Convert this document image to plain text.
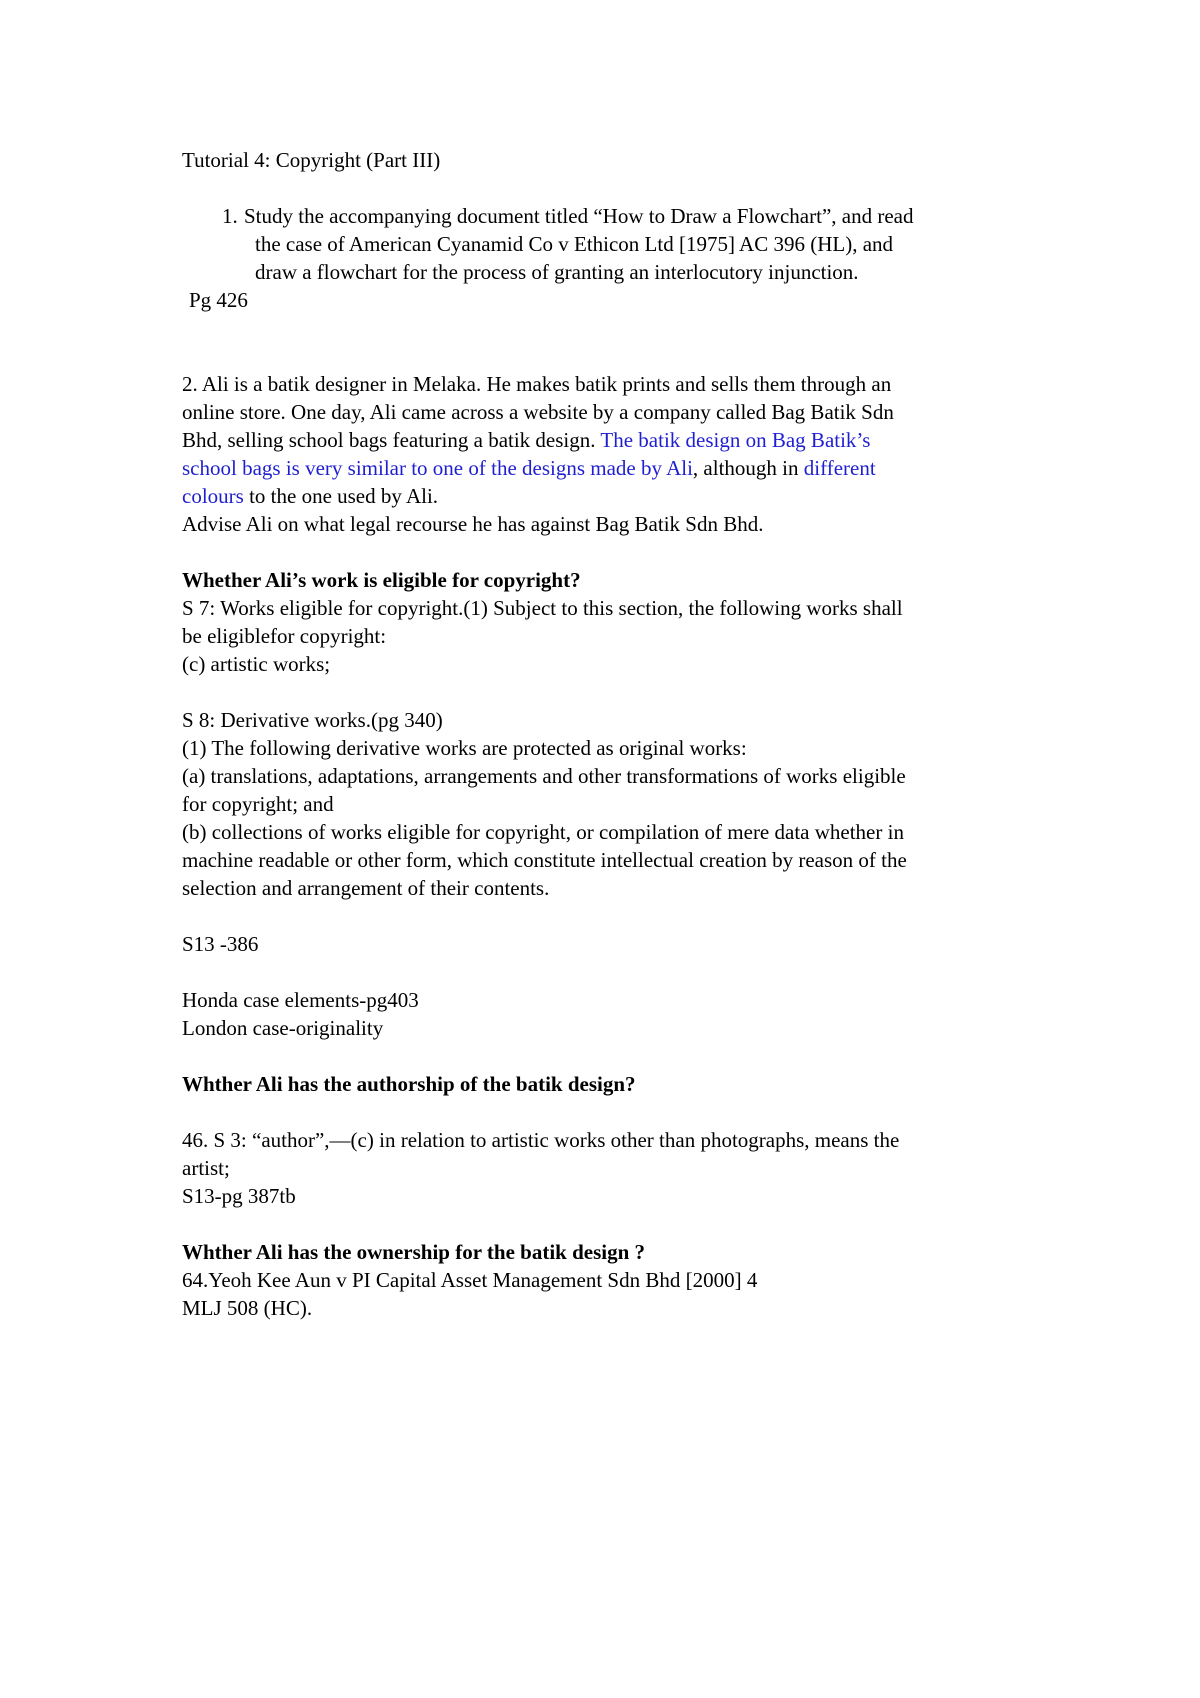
Tutorial 4: Copyright (Part III)
1. Study the accompanying document titled “How to Draw a Flowchart”, and read
the case of American Cyanamid Co v Ethicon Ltd [1975] AC 396 (HL), and
draw a flowchart for the process of granting an interlocutory injunction.
Pg 426
2. Ali is a batik designer in Melaka. He makes batik prints and sells them through an
online store. One day, Ali came across a website by a company called Bag Batik Sdn
Bhd, selling school bags featuring a batik design. The batik design on Bag Batik’s
school bags is very similar to one of the designs made by Ali, although in different
colours to the one used by Ali.
Advise Ali on what legal recourse he has against Bag Batik Sdn Bhd.
Whether Ali’s work is eligible for copyright?
S 7: Works eligible for copyright.(1) Subject to this section, the following works shall
be eligiblefor copyright:
(c) artistic works;
S 8: Derivative works.(pg 340)
(1) The following derivative works are protected as original works:
(a) translations, adaptations, arrangements and other transformations of works eligible
for copyright; and
(b) collections of works eligible for copyright, or compilation of mere data whether in
machine readable or other form, which constitute intellectual creation by reason of the
selection and arrangement of their contents.
S13 -386
Honda case elements-pg403
London case-originality
Whther Ali has the authorship of the batik design?
46. S 3: “author”,—(c) in relation to artistic works other than photographs, means the
artist;
S13-pg 387tb
Whther Ali has the ownership for the batik design ?
64.Yeoh Kee Aun v PI Capital Asset Management Sdn Bhd [2000] 4
MLJ 508 (HC).
